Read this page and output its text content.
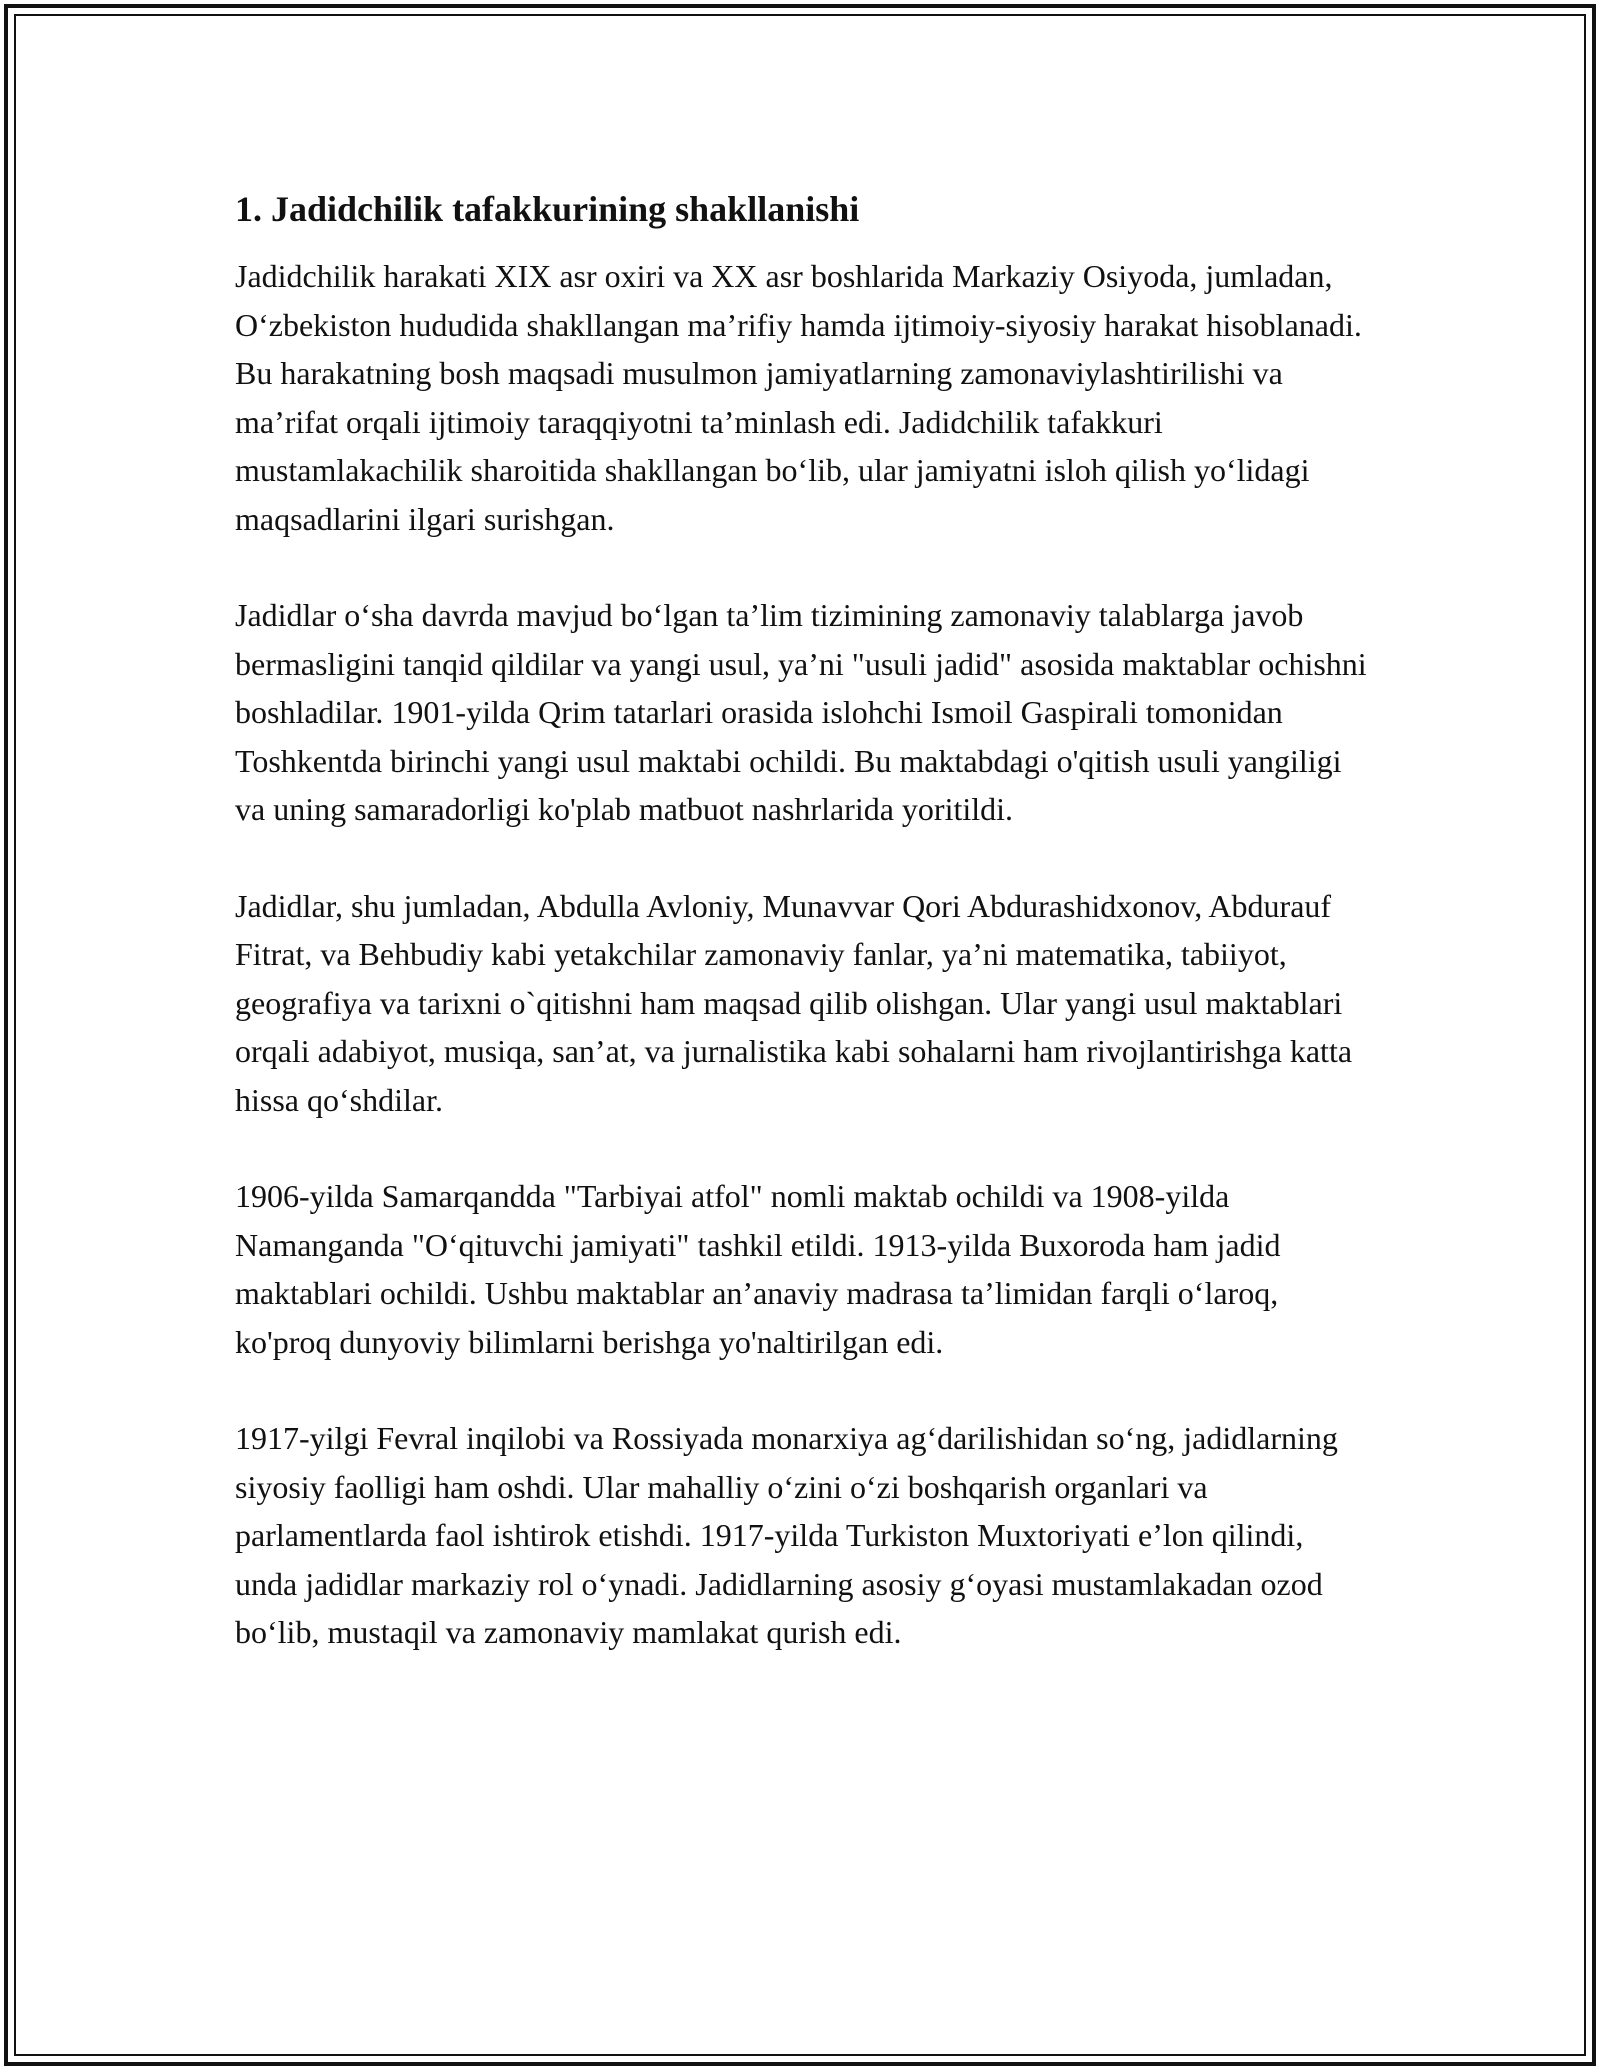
1. Jadidchilik tafakkurining shakllanishi

Jadidchilik harakati XIX asr oxiri va XX asr boshlarida Markaziy Osiyoda, jumladan, O‘zbekiston hududida shakllangan ma’rifiy hamda ijtimoiy-siyosiy harakat hisoblanadi. Bu harakatning bosh maqsadi musulmon jamiyatlarning zamonaviylashtirilishi va ma’rifat orqali ijtimoiy taraqqiyotni ta’minlash edi. Jadidchilik tafakkuri mustamlakachilik sharoitida shakllangan bo‘lib, ular jamiyatni isloh qilish yo‘lidagi maqsadlarini ilgari surishgan.

Jadidlar o‘sha davrda mavjud bo‘lgan ta’lim tizimining zamonaviy talablarga javob bermasligini tanqid qildilar va yangi usul, ya’ni "usuli jadid" asosida maktablar ochishni boshladilar. 1901-yilda Qrim tatarlari orasida islohchi Ismoil Gaspirali tomonidan Toshkentda birinchi yangi usul maktabi ochildi. Bu maktabdagi o'qitish usuli yangiligi va uning samaradorligi ko'plab matbuot nashrlarida yoritildi.

Jadidlar, shu jumladan, Abdulla Avloniy, Munavvar Qori Abdurashidxonov, Abdurauf Fitrat, va Behbudiy kabi yetakchilar zamonaviy fanlar, ya’ni matematika, tabiiyot, geografiya va tarixni o`qitishni ham maqsad qilib olishgan. Ular yangi usul maktablari orqali adabiyot, musiqa, san’at, va jurnalistika kabi sohalarni ham rivojlantirishga katta hissa qo‘shdilar.

1906-yilda Samarqandda "Tarbiyai atfol" nomli maktab ochildi va 1908-yilda Namanganda "O‘qituvchi jamiyati" tashkil etildi. 1913-yilda Buxoroda ham jadid maktablari ochildi. Ushbu maktablar an’anaviy madrasa ta’limidan farqli o‘laroq, ko'proq dunyoviy bilimlarni berishga yo'naltirilgan edi.

1917-yilgi Fevral inqilobi va Rossiyada monarxiya ag‘darilishidan so‘ng, jadidlarning siyosiy faolligi ham oshdi. Ular mahalliy o‘zini o‘zi boshqarish organlari va parlamentlarda faol ishtirok etishdi. 1917-yilda Turkiston Muxtoriyati e’lon qilindi, unda jadidlar markaziy rol o‘ynadi. Jadidlarning asosiy g‘oyasi mustamlakadan ozod bo‘lib, mustaqil va zamonaviy mamlakat qurish edi.
